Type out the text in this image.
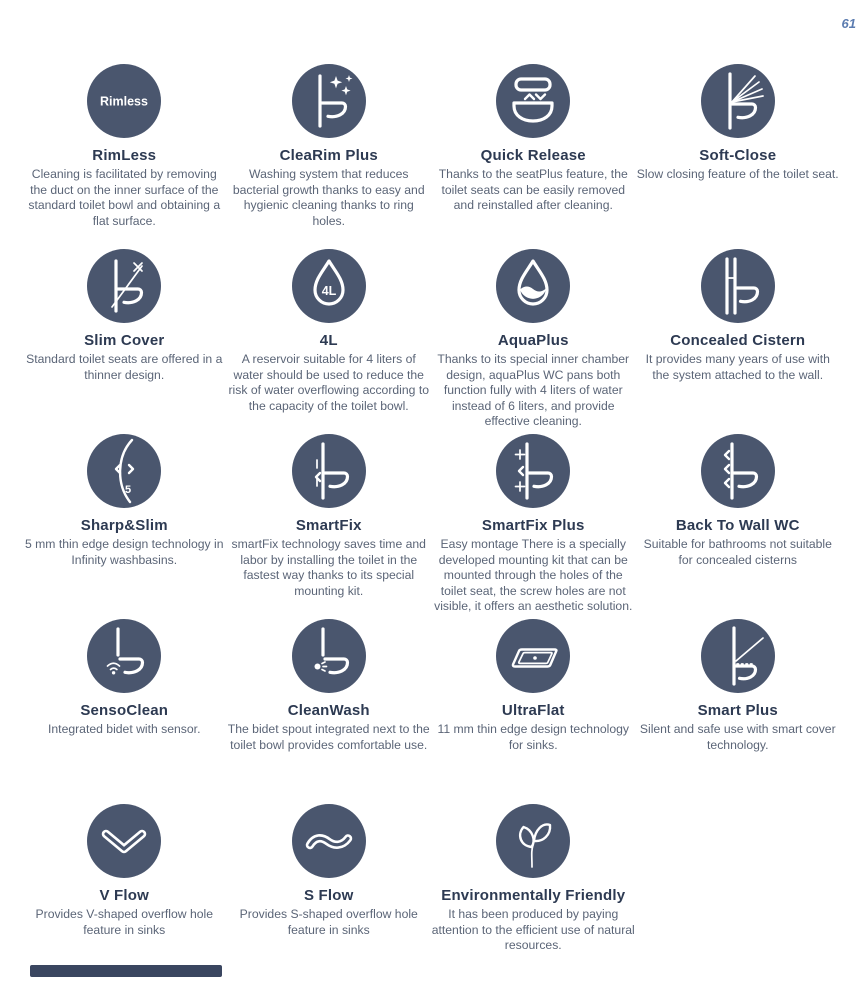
61
Rimless
RimLess

Cleaning is facilitated by removing the duct on the inner surface of the standard toilet bowl and obtaining a flat surface.

CleaRim Plus

Washing system that reduces bacterial growth thanks to easy and hygienic cleaning thanks to ring holes.

Quick Release

Thanks to the seatPlus feature, the toilet seats can be easily removed and reinstalled after cleaning.

Soft-Close

Slow closing feature of the toilet seat.

Slim Cover

Standard toilet seats are offered in a thinner design.

4L
4L

A reservoir suitable for 4 liters of water should be used to reduce the risk of water overflowing according to the capacity of the toilet bowl.

AquaPlus

Thanks to its special inner chamber design, aquaPlus WC pans both function fully with 4 liters of water instead of 6 liters, and provide effective cleaning.

Concealed Cistern

It provides many years of use with the system attached to the wall.

5
Sharp&Slim

5 mm thin edge design technology in Infinity washbasins.

SmartFix

smartFix technology saves time and labor by installing the toilet in the fastest way thanks to its special mounting kit.

SmartFix Plus

Easy montage There is a specially developed mounting kit that can be mounted through the holes of the toilet seat, the screw holes are not visible, it offers an aesthetic solution.

Back To Wall WC

Suitable for bathrooms not suitable for concealed cisterns

SensoClean

Integrated bidet with sensor.

CleanWash

The bidet spout integrated next to the toilet bowl provides comfortable use.

UltraFlat

11 mm thin edge design technology for sinks.

Smart Plus

Silent and safe use with smart cover technology.

V Flow

Provides V-shaped overflow hole feature in sinks

S Flow

Provides S-shaped overflow hole feature in sinks

Environmentally Friendly

It has been produced by paying attention to the efficient use of natural resources.
